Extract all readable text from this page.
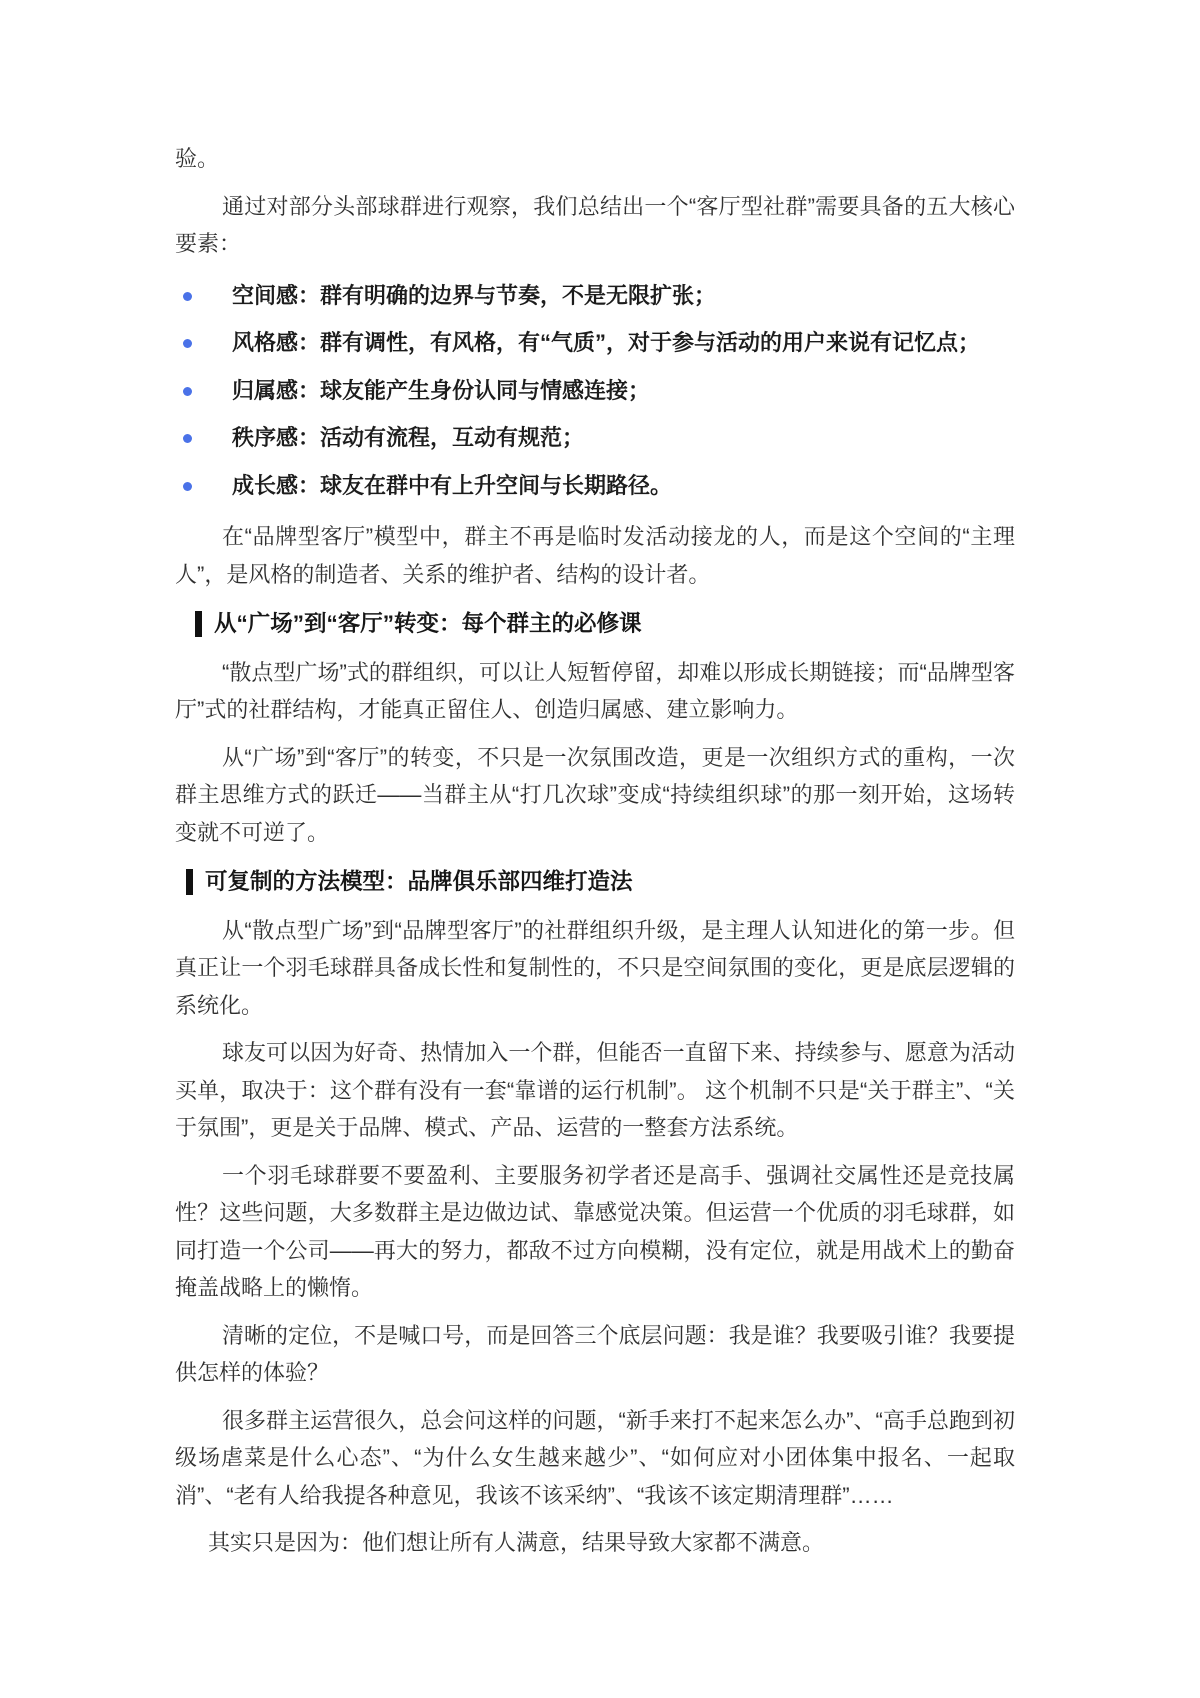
验。

通过对部分头部球群进行观察，我们总结出一个“客厅型社群”需要具备的五大核心要素：

空间感：群有明确的边界与节奏，不是无限扩张；
风格感：群有调性，有风格，有“气质”，对于参与活动的用户来说有记忆点；
归属感：球友能产生身份认同与情感连接；
秩序感：活动有流程，互动有规范；
成长感：球友在群中有上升空间与长期路径。

在“品牌型客厅”模型中，群主不再是临时发活动接龙的人，而是这个空间的“主理人”，是风格的制造者、关系的维护者、结构的设计者。

从“广场”到“客厅”转变：每个群主的必修课

“散点型广场”式的群组织，可以让人短暂停留，却难以形成长期链接；而“品牌型客厅”式的社群结构，才能真正留住人、创造归属感、建立影响力。

从“广场”到“客厅”的转变，不只是一次氛围改造，更是一次组织方式的重构，一次群主思维方式的跃迁——当群主从“打几次球”变成“持续组织球”的那一刻开始，这场转变就不可逆了。

可复制的方法模型：品牌俱乐部四维打造法

从“散点型广场”到“品牌型客厅”的社群组织升级，是主理人认知进化的第一步。但真正让一个羽毛球群具备成长性和复制性的，不只是空间氛围的变化，更是底层逻辑的系统化。

球友可以因为好奇、热情加入一个群，但能否一直留下来、持续参与、愿意为活动买单，取决于：这个群有没有一套“靠谱的运行机制”。 这个机制不只是“关于群主”、“关于氛围”，更是关于品牌、模式、产品、运营的一整套方法系统。

一个羽毛球群要不要盈利、主要服务初学者还是高手、强调社交属性还是竞技属性？这些问题，大多数群主是边做边试、靠感觉决策。但运营一个优质的羽毛球群，如同打造一个公司——再大的努力，都敌不过方向模糊，没有定位，就是用战术上的勤奋掩盖战略上的懒惰。

清晰的定位，不是喊口号，而是回答三个底层问题：我是谁？我要吸引谁？我要提供怎样的体验？

很多群主运营很久，总会问这样的问题，“新手来打不起来怎么办”、“高手总跑到初级场虐菜是什么心态”、“为什么女生越来越少”、“如何应对小团体集中报名、一起取消”、“老有人给我提各种意见，我该不该采纳”、“我该不该定期清理群”……

其实只是因为：他们想让所有人满意，结果导致大家都不满意。
